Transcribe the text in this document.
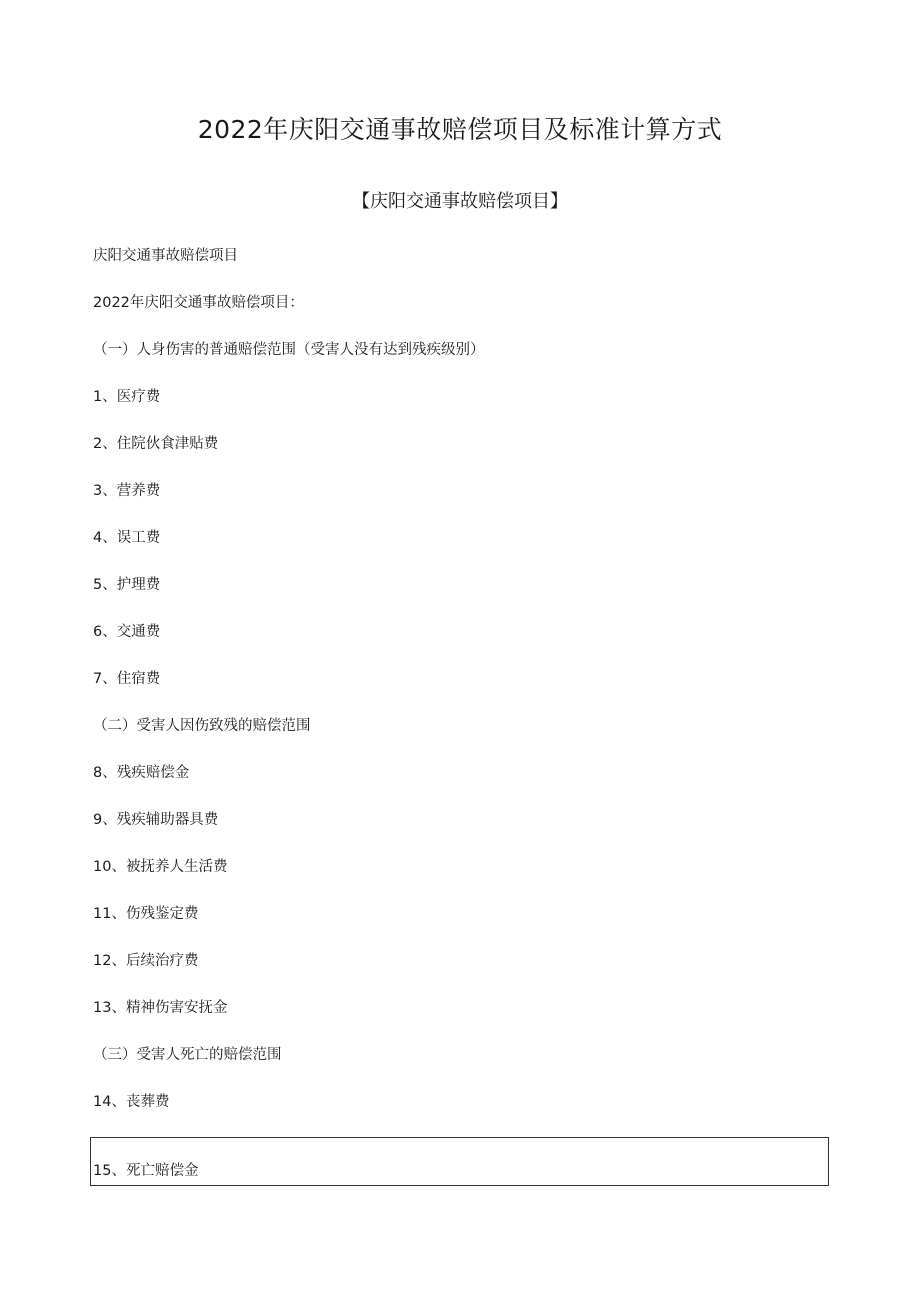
2022年庆阳交通事故赔偿项目及标准计算方式
【庆阳交通事故赔偿项目】
庆阳交通事故赔偿项目
2022年庆阳交通事故赔偿项目：
（一）人身伤害的普通赔偿范围（受害人没有达到残疾级别）
1、医疗费
2、住院伙食津贴费
3、营养费
4、误工费
5、护理费
6、交通费
7、住宿费
（二）受害人因伤致残的赔偿范围
8、残疾赔偿金
9、残疾辅助器具费
10、被抚养人生活费
11、伤残鉴定费
12、后续治疗费
13、精神伤害安抚金
（三）受害人死亡的赔偿范围
14、丧葬费
15、死亡赔偿金
